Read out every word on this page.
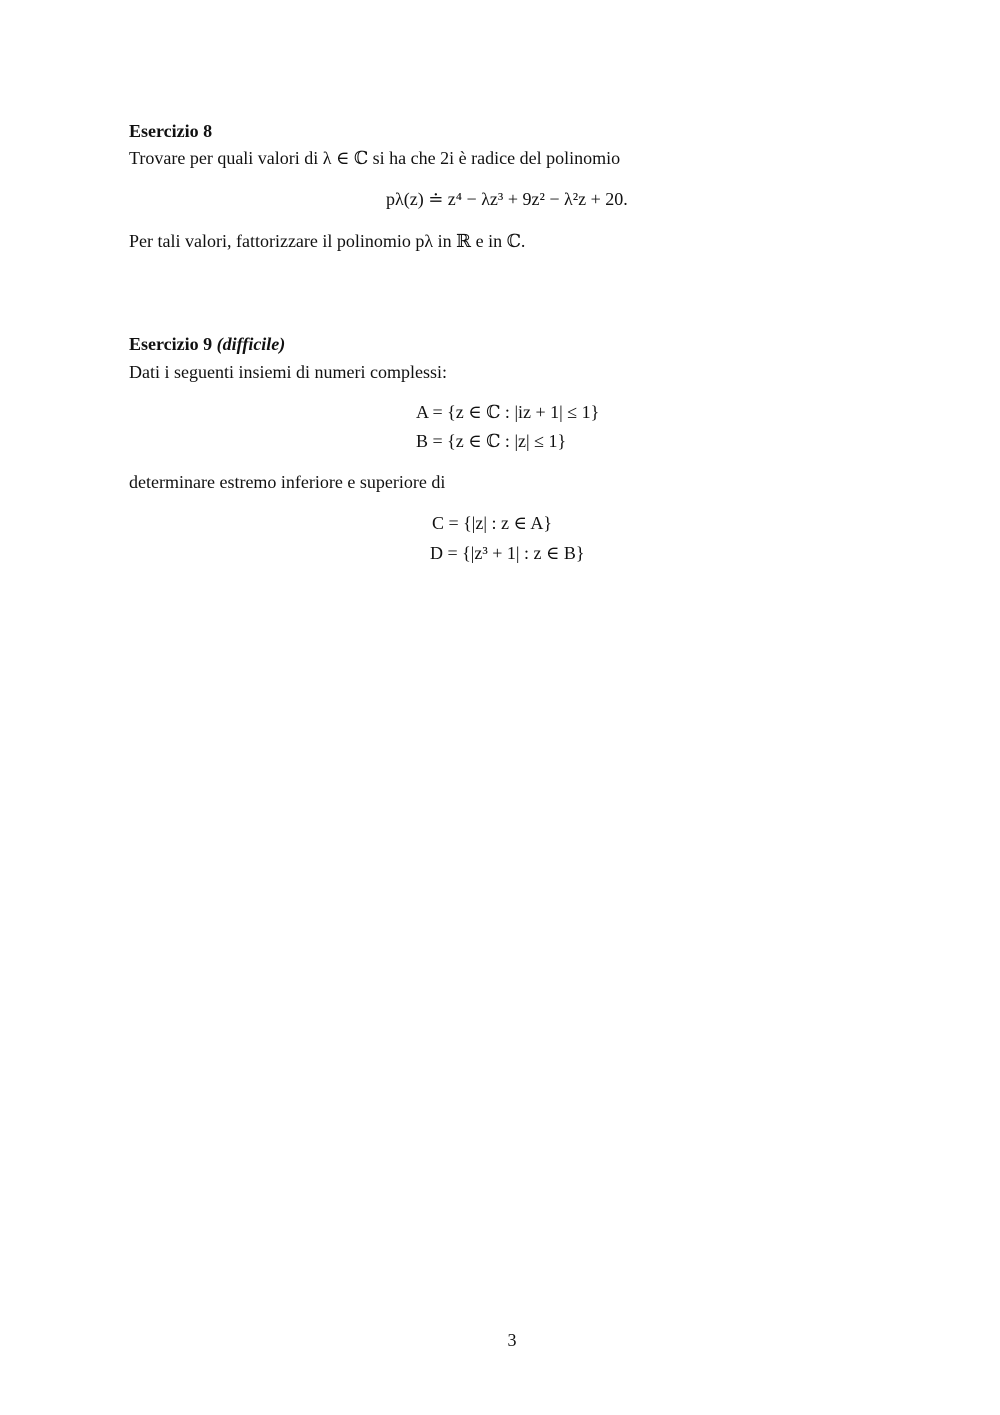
Esercizio 8
Trovare per quali valori di λ ∈ ℂ si ha che 2i è radice del polinomio
pλ(z) ≐ z⁴ − λz³ + 9z² − λ²z + 20.
Per tali valori, fattorizzare il polinomio pλ in ℝ e in ℂ.
Esercizio 9 (difficile)
Dati i seguenti insiemi di numeri complessi:
A = {z ∈ ℂ : |iz + 1| ≤ 1}
B = {z ∈ ℂ : |z| ≤ 1}
determinare estremo inferiore e superiore di
C = {|z| : z ∈ A}
D = {|z³ + 1| : z ∈ B}
3
